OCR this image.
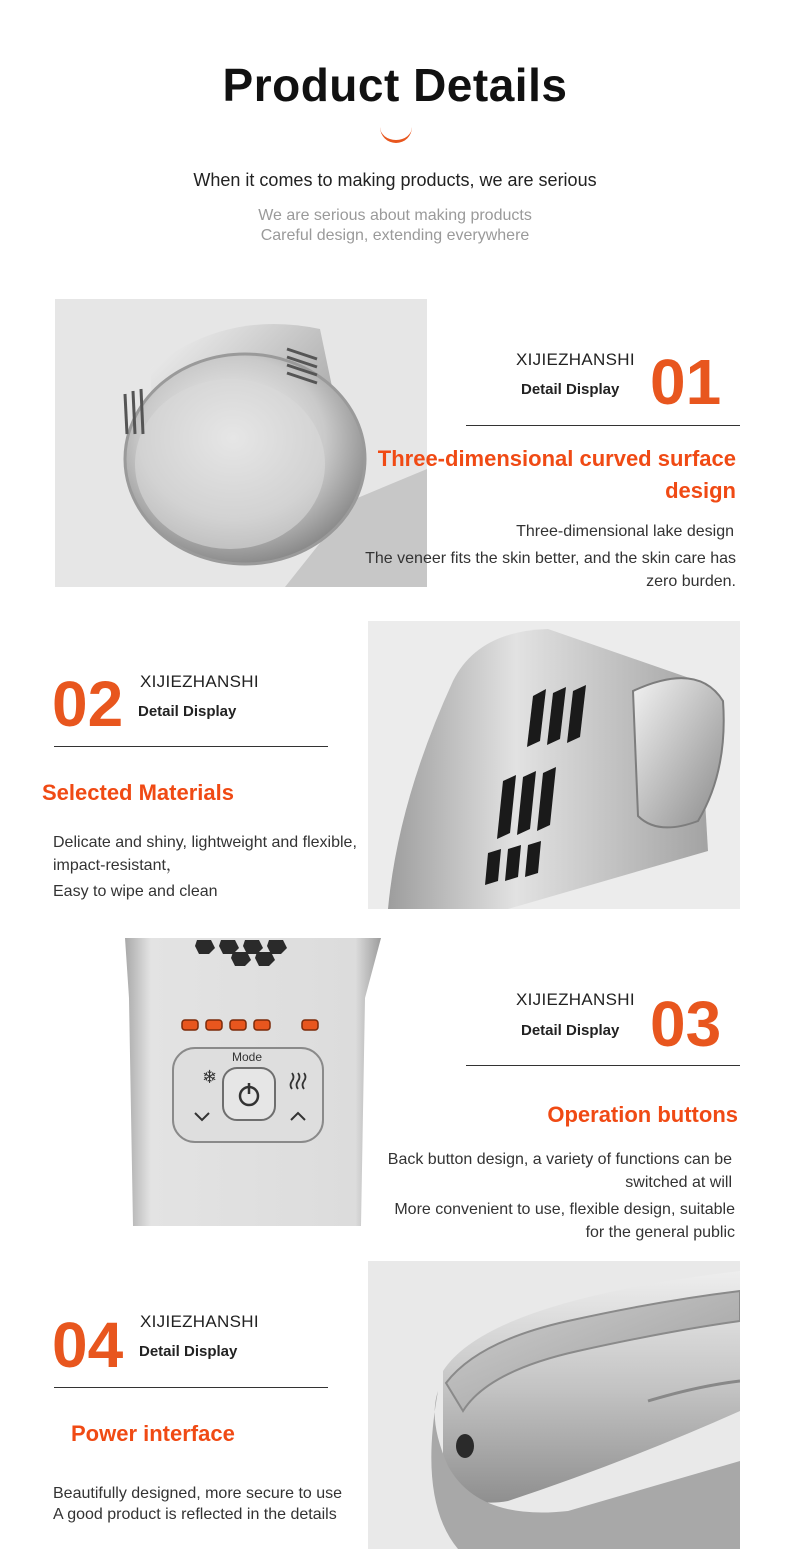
Product Details
When it comes to making products, we are serious
We are serious about making products
Careful design, extending everywhere
XIJIEZHANSHI
Detail Display 01
Three-dimensional curved surface
design
Three-dimensional lake design
The veneer fits the skin better, and the skin care has
zero burden.
02 XIJIEZHANSHI
Detail Display
Selected Materials
Delicate and shiny, lightweight and flexible,
impact-resistant，
Easy to wipe and clean
❄
Mode
XIJIEZHANSHI
Detail Display 03
Operation buttons
Back button design, a variety of functions can be
switched at will
More convenient to use, flexible design, suitable
for the general public
04 XIJIEZHANSHI
Detail Display
Power interface
Beautifully designed, more secure to use
A good product is reflected in the details
